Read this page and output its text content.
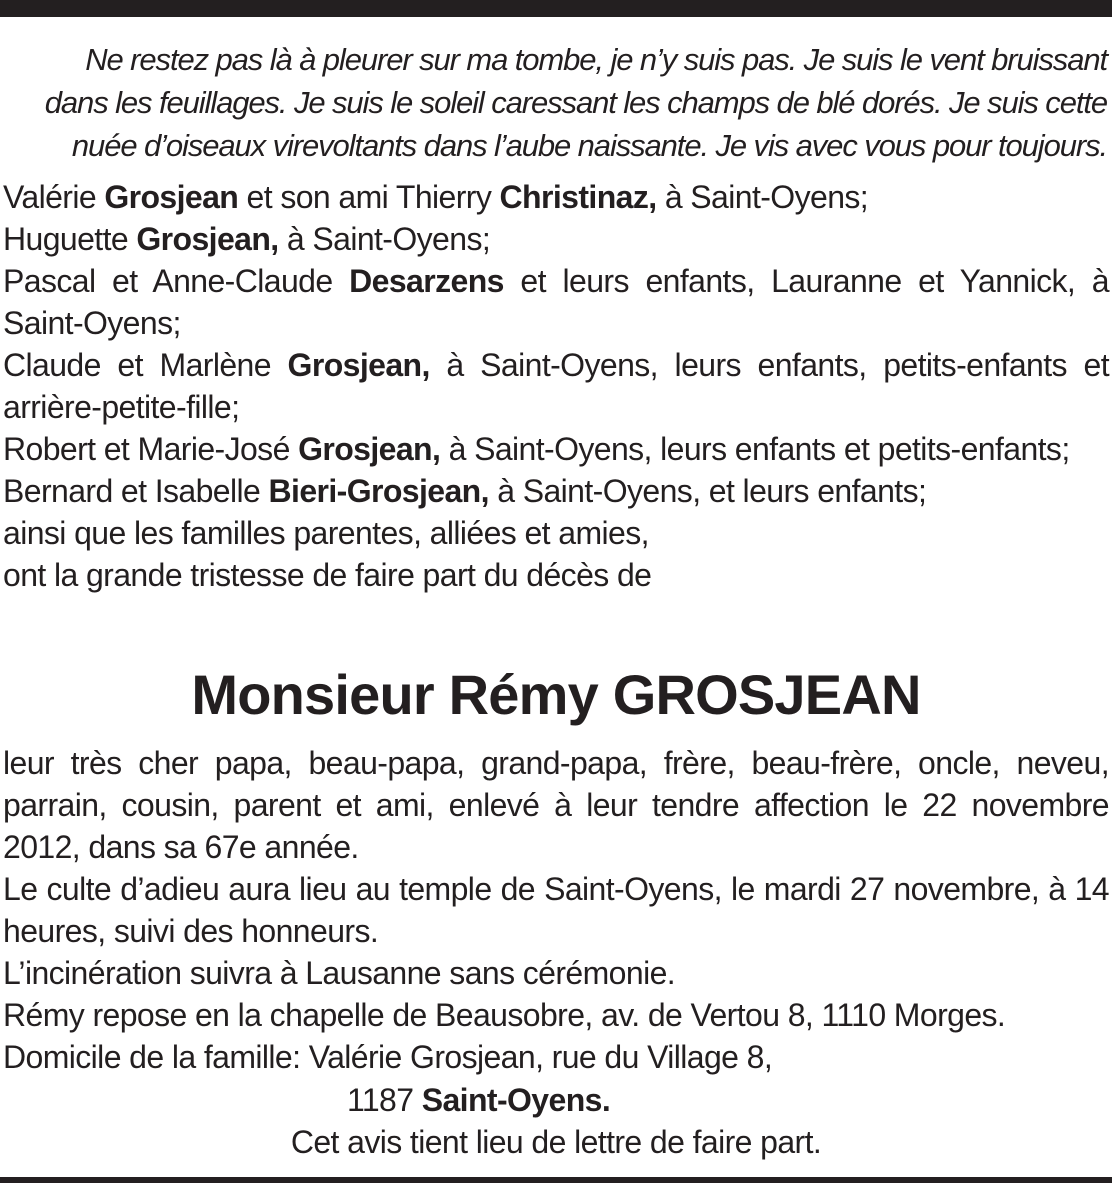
Ne restez pas là à pleurer sur ma tombe, je n’y suis pas. Je suis le vent bruissant
dans les feuillages. Je suis le soleil caressant les champs de blé dorés. Je suis cette
nuée d’oiseaux virevoltants dans l’aube naissante. Je vis avec vous pour toujours.

Valérie Grosjean et son ami Thierry Christinaz, à Saint-Oyens;

Huguette Grosjean, à Saint-Oyens;

Pascal et Anne-Claude Desarzens et leurs enfants, Lauranne et Yannick, à Saint-Oyens;

Claude et Marlène Grosjean, à Saint-Oyens, leurs enfants, petits-enfants et arrière-petite-fille;

Robert et Marie-José Grosjean, à Saint-Oyens, leurs enfants et petits-enfants;

Bernard et Isabelle Bieri-Grosjean, à Saint-Oyens, et leurs enfants;

ainsi que les familles parentes, alliées et amies,

ont la grande tristesse de faire part du décès de

Monsieur Rémy GROSJEAN

leur très cher papa, beau-papa, grand-papa, frère, beau-frère, oncle, neveu, parrain, cousin, parent et ami, enlevé à leur tendre affection le 22 novembre 2012, dans sa 67e année.

Le culte d’adieu aura lieu au temple de Saint-Oyens, le mardi 27 novembre, à 14 heures, suivi des honneurs.

L’incinération suivra à Lausanne sans cérémonie.

Rémy repose en la chapelle de Beausobre, av. de Vertou 8, 1110 Morges.

Domicile de la famille: Valérie Grosjean, rue du Village 8,

1187 Saint-Oyens.
Cet avis tient lieu de lettre de faire part.
